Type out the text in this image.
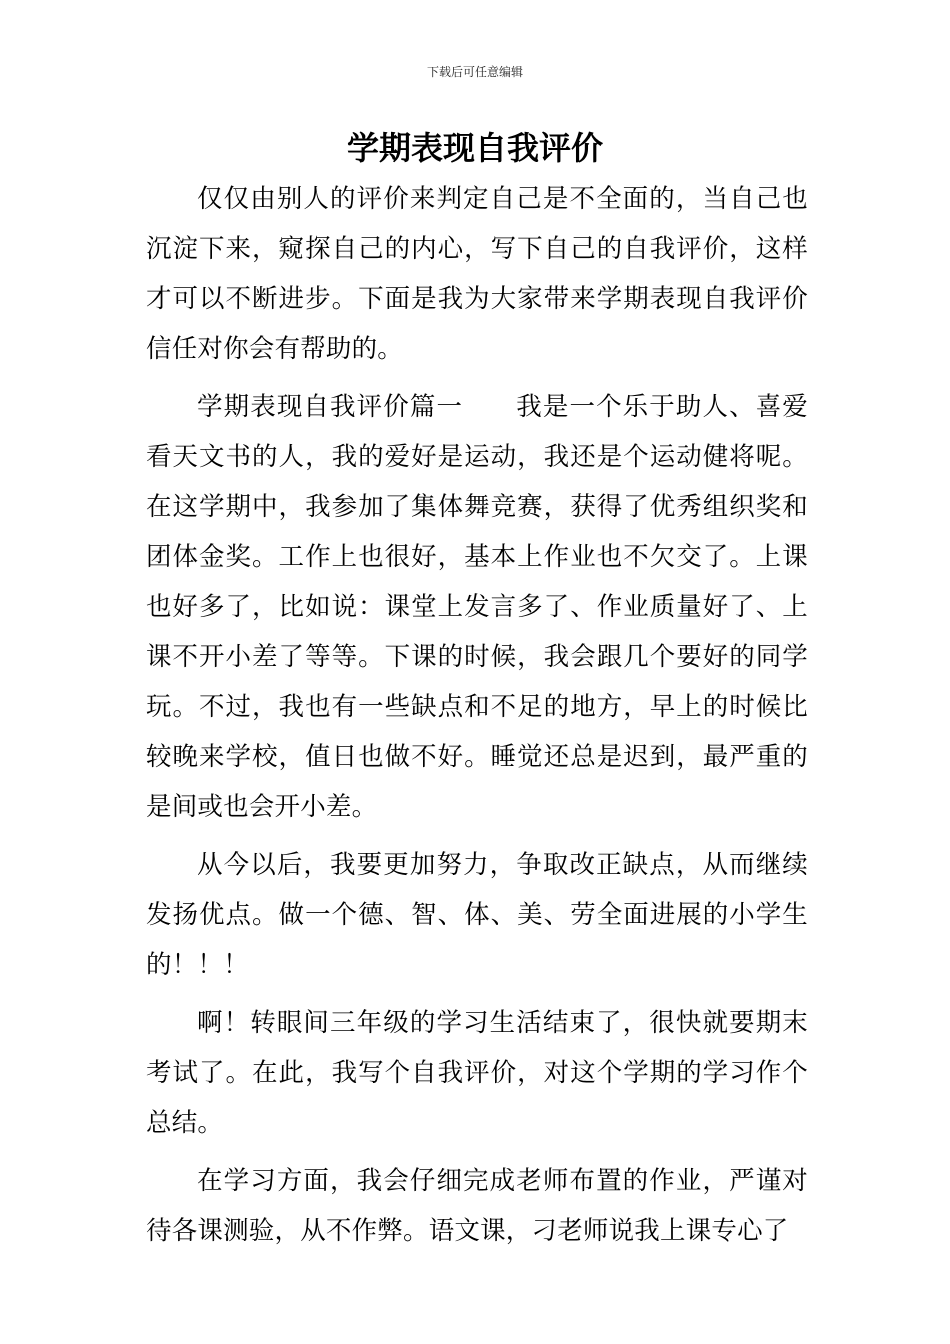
下载后可任意编辑
学期表现自我评价

仅仅由别人的评价来判定自己是不全面的，当自己也沉淀下来，窥探自己的内心，写下自己的自我评价，这样才可以不断进步。下面是我为大家带来学期表现自我评价信任对你会有帮助的。

学期表现自我评价篇一　　我是一个乐于助人、喜爱看天文书的人，我的爱好是运动，我还是个运动健将呢。在这学期中，我参加了集体舞竞赛，获得了优秀组织奖和团体金奖。工作上也很好，基本上作业也不欠交了。上课也好多了，比如说：课堂上发言多了、作业质量好了、上课不开小差了等等。下课的时候，我会跟几个要好的同学玩。不过，我也有一些缺点和不足的地方，早上的时候比较晚来学校，值日也做不好。睡觉还总是迟到，最严重的是间或也会开小差。

从今以后，我要更加努力，争取改正缺点，从而继续发扬优点。做一个德、智、体、美、劳全面进展的小学生的！！！

啊！转眼间三年级的学习生活结束了，很快就要期末考试了。在此，我写个自我评价，对这个学期的学习作个总结。

在学习方面，我会仔细完成老师布置的作业，严谨对待各课测验，从不作弊。语文课，刁老师说我上课专心了
